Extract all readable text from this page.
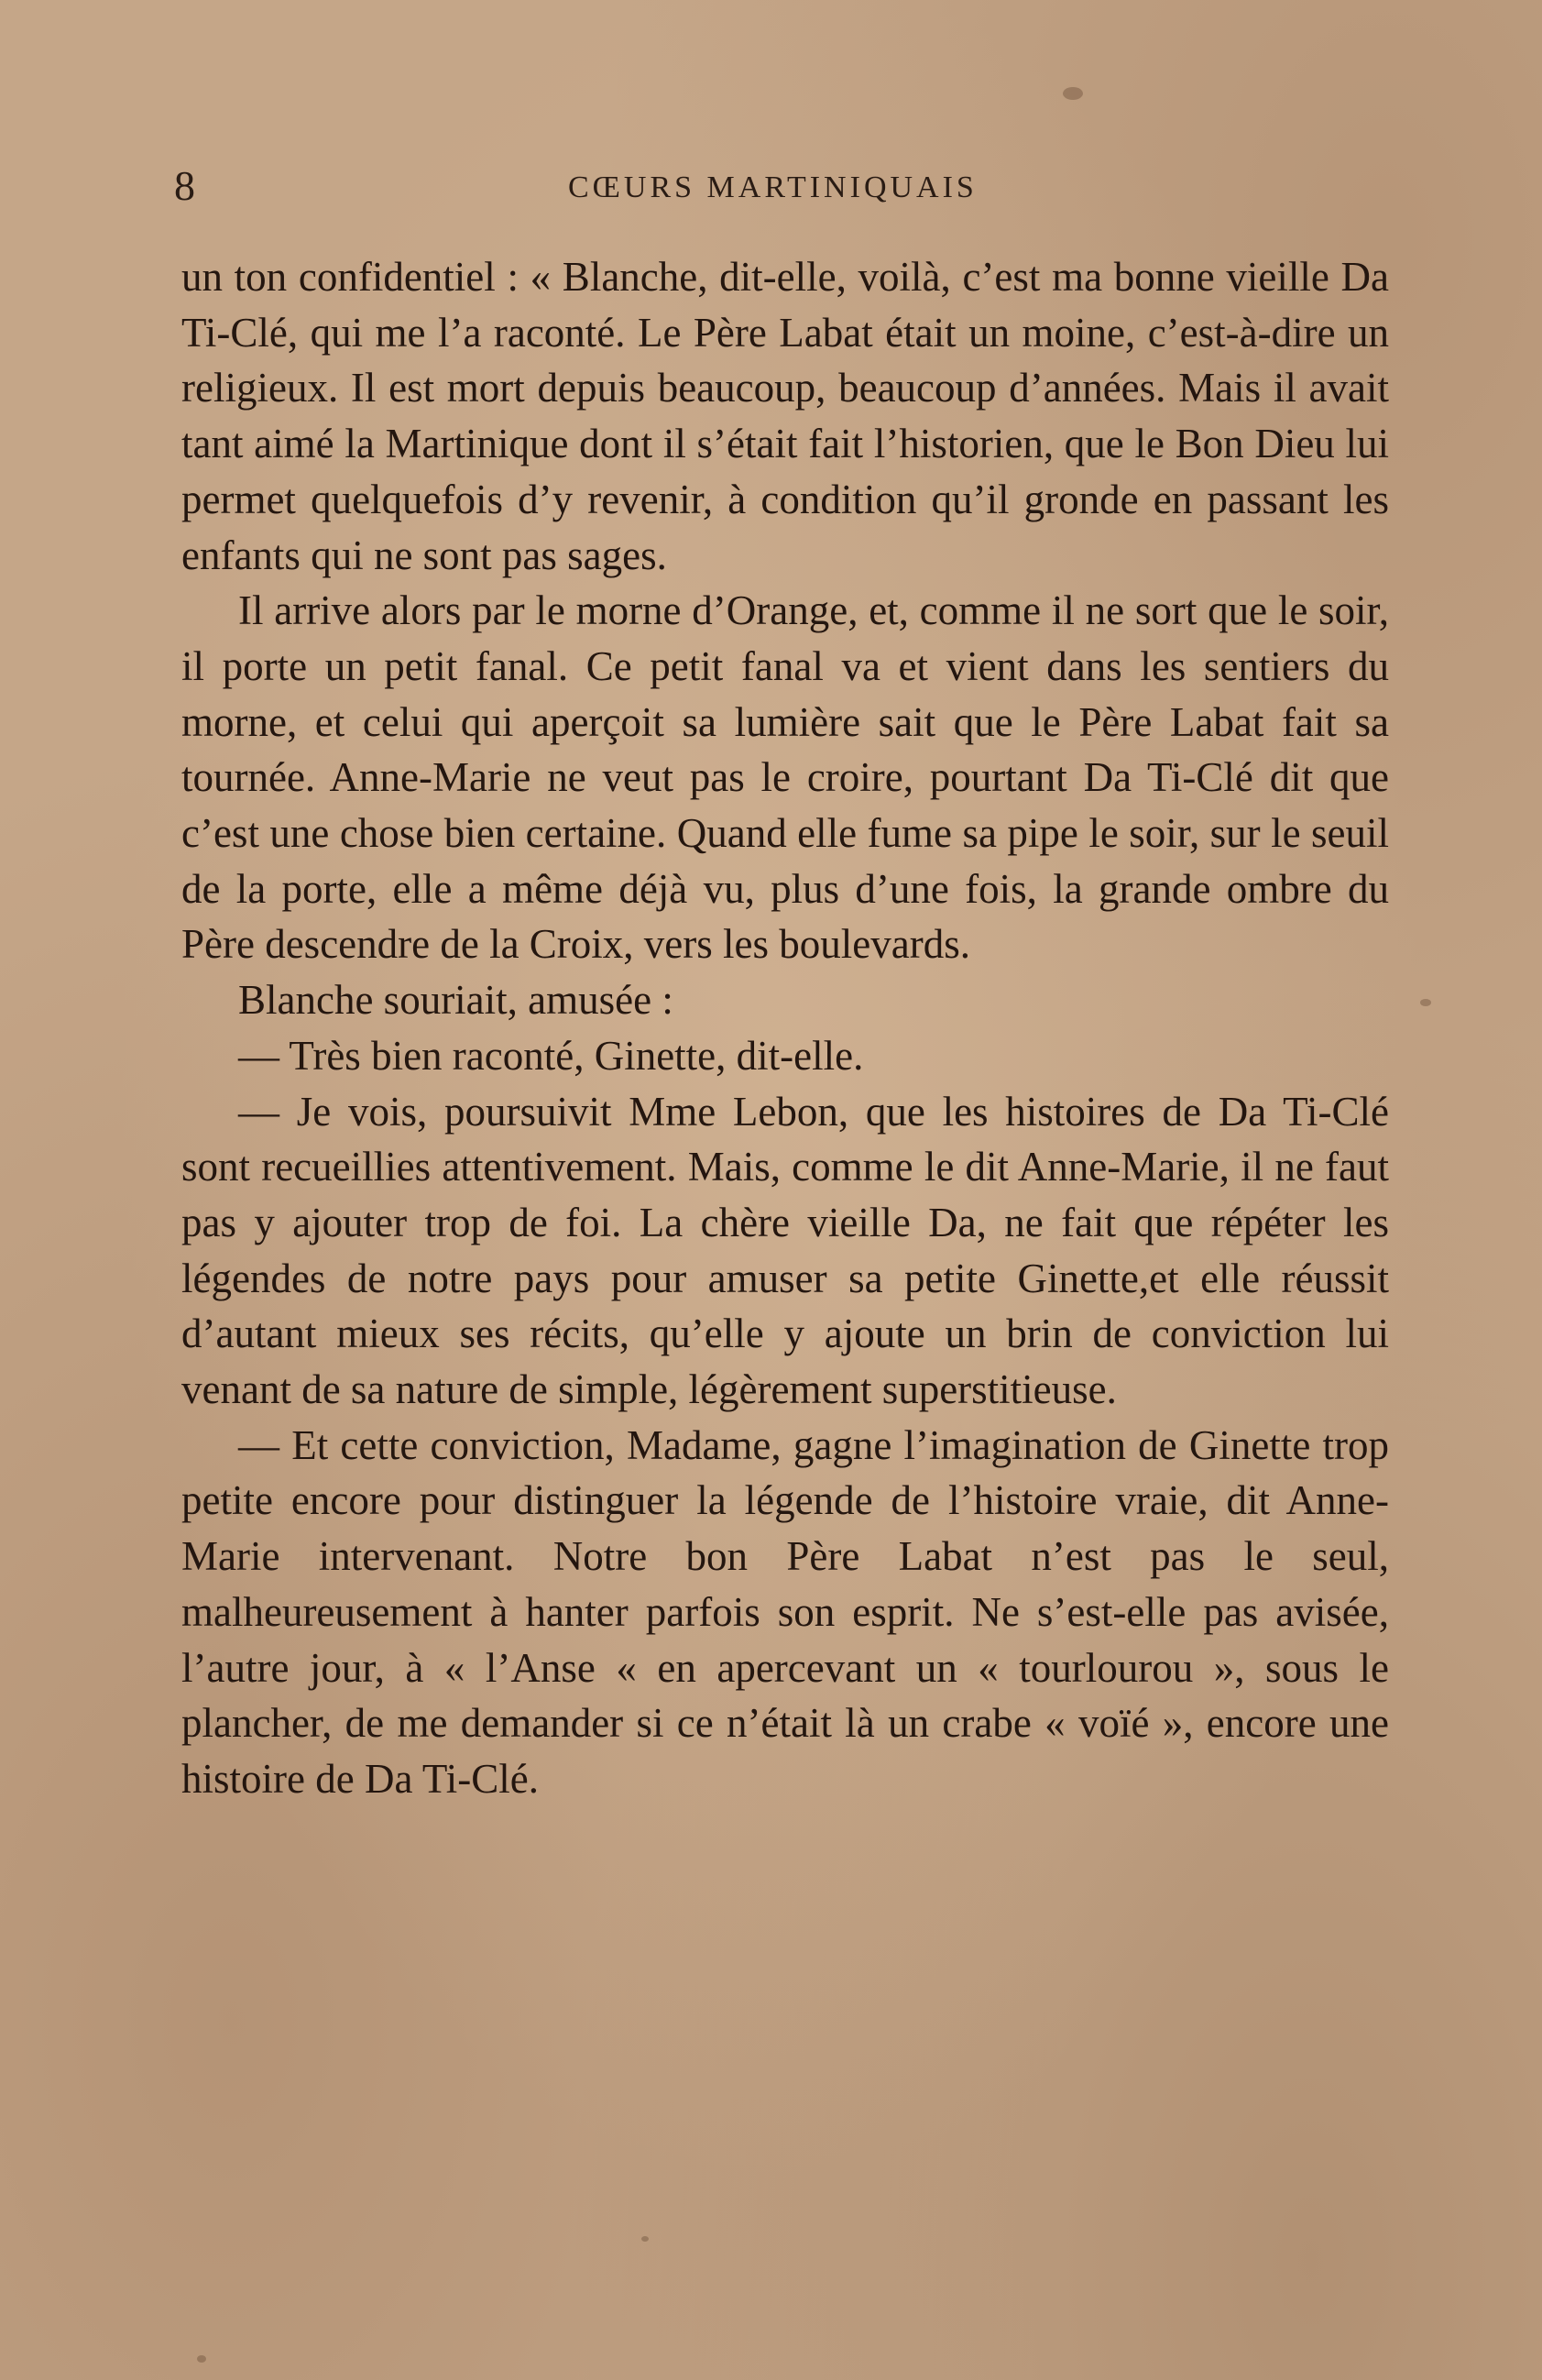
8	CŒURS MARTINIQUAIS

un ton confidentiel : « Blanche, dit-elle, voilà, c’est ma bonne vieille Da Ti-Clé, qui me l’a raconté. Le Père Labat était un moine, c’est-à-dire un religieux. Il est mort depuis beaucoup, beaucoup d’années. Mais il avait tant aimé la Martinique dont il s’était fait l’historien, que le Bon Dieu lui permet quelquefois d’y revenir, à condition qu’il gronde en passant les enfants qui ne sont pas sages.

Il arrive alors par le morne d’Orange, et, comme il ne sort que le soir, il porte un petit fanal. Ce petit fanal va et vient dans les sentiers du morne, et celui qui aperçoit sa lumière sait que le Père Labat fait sa tournée. Anne-Marie ne veut pas le croire, pourtant Da Ti-Clé dit que c’est une chose bien certaine. Quand elle fume sa pipe le soir, sur le seuil de la porte, elle a même déjà vu, plus d’une fois, la grande ombre du Père descendre de la Croix, vers les boulevards.

Blanche souriait, amusée :

— Très bien raconté, Ginette, dit-elle.

— Je vois, poursuivit Mme Lebon, que les histoires de Da Ti-Clé sont recueillies attentivement. Mais, comme le dit Anne-Marie, il ne faut pas y ajouter trop de foi. La chère vieille Da, ne fait que répéter les légendes de notre pays pour amuser sa petite Ginette,et elle réussit d’autant mieux ses récits, qu’elle y ajoute un brin de conviction lui venant de sa nature de simple, légèrement superstitieuse.

— Et cette conviction, Madame, gagne l’imagination de Ginette trop petite encore pour distinguer la légende de l’histoire vraie, dit Anne-Marie intervenant. Notre bon Père Labat n’est pas le seul, malheureusement à hanter parfois son esprit. Ne s’est-elle pas avisée, l’autre jour, à « l’Anse « en apercevant un « tourlourou », sous le plancher, de me demander si ce n’était là un crabe « voïé », encore une histoire de Da Ti-Clé.
